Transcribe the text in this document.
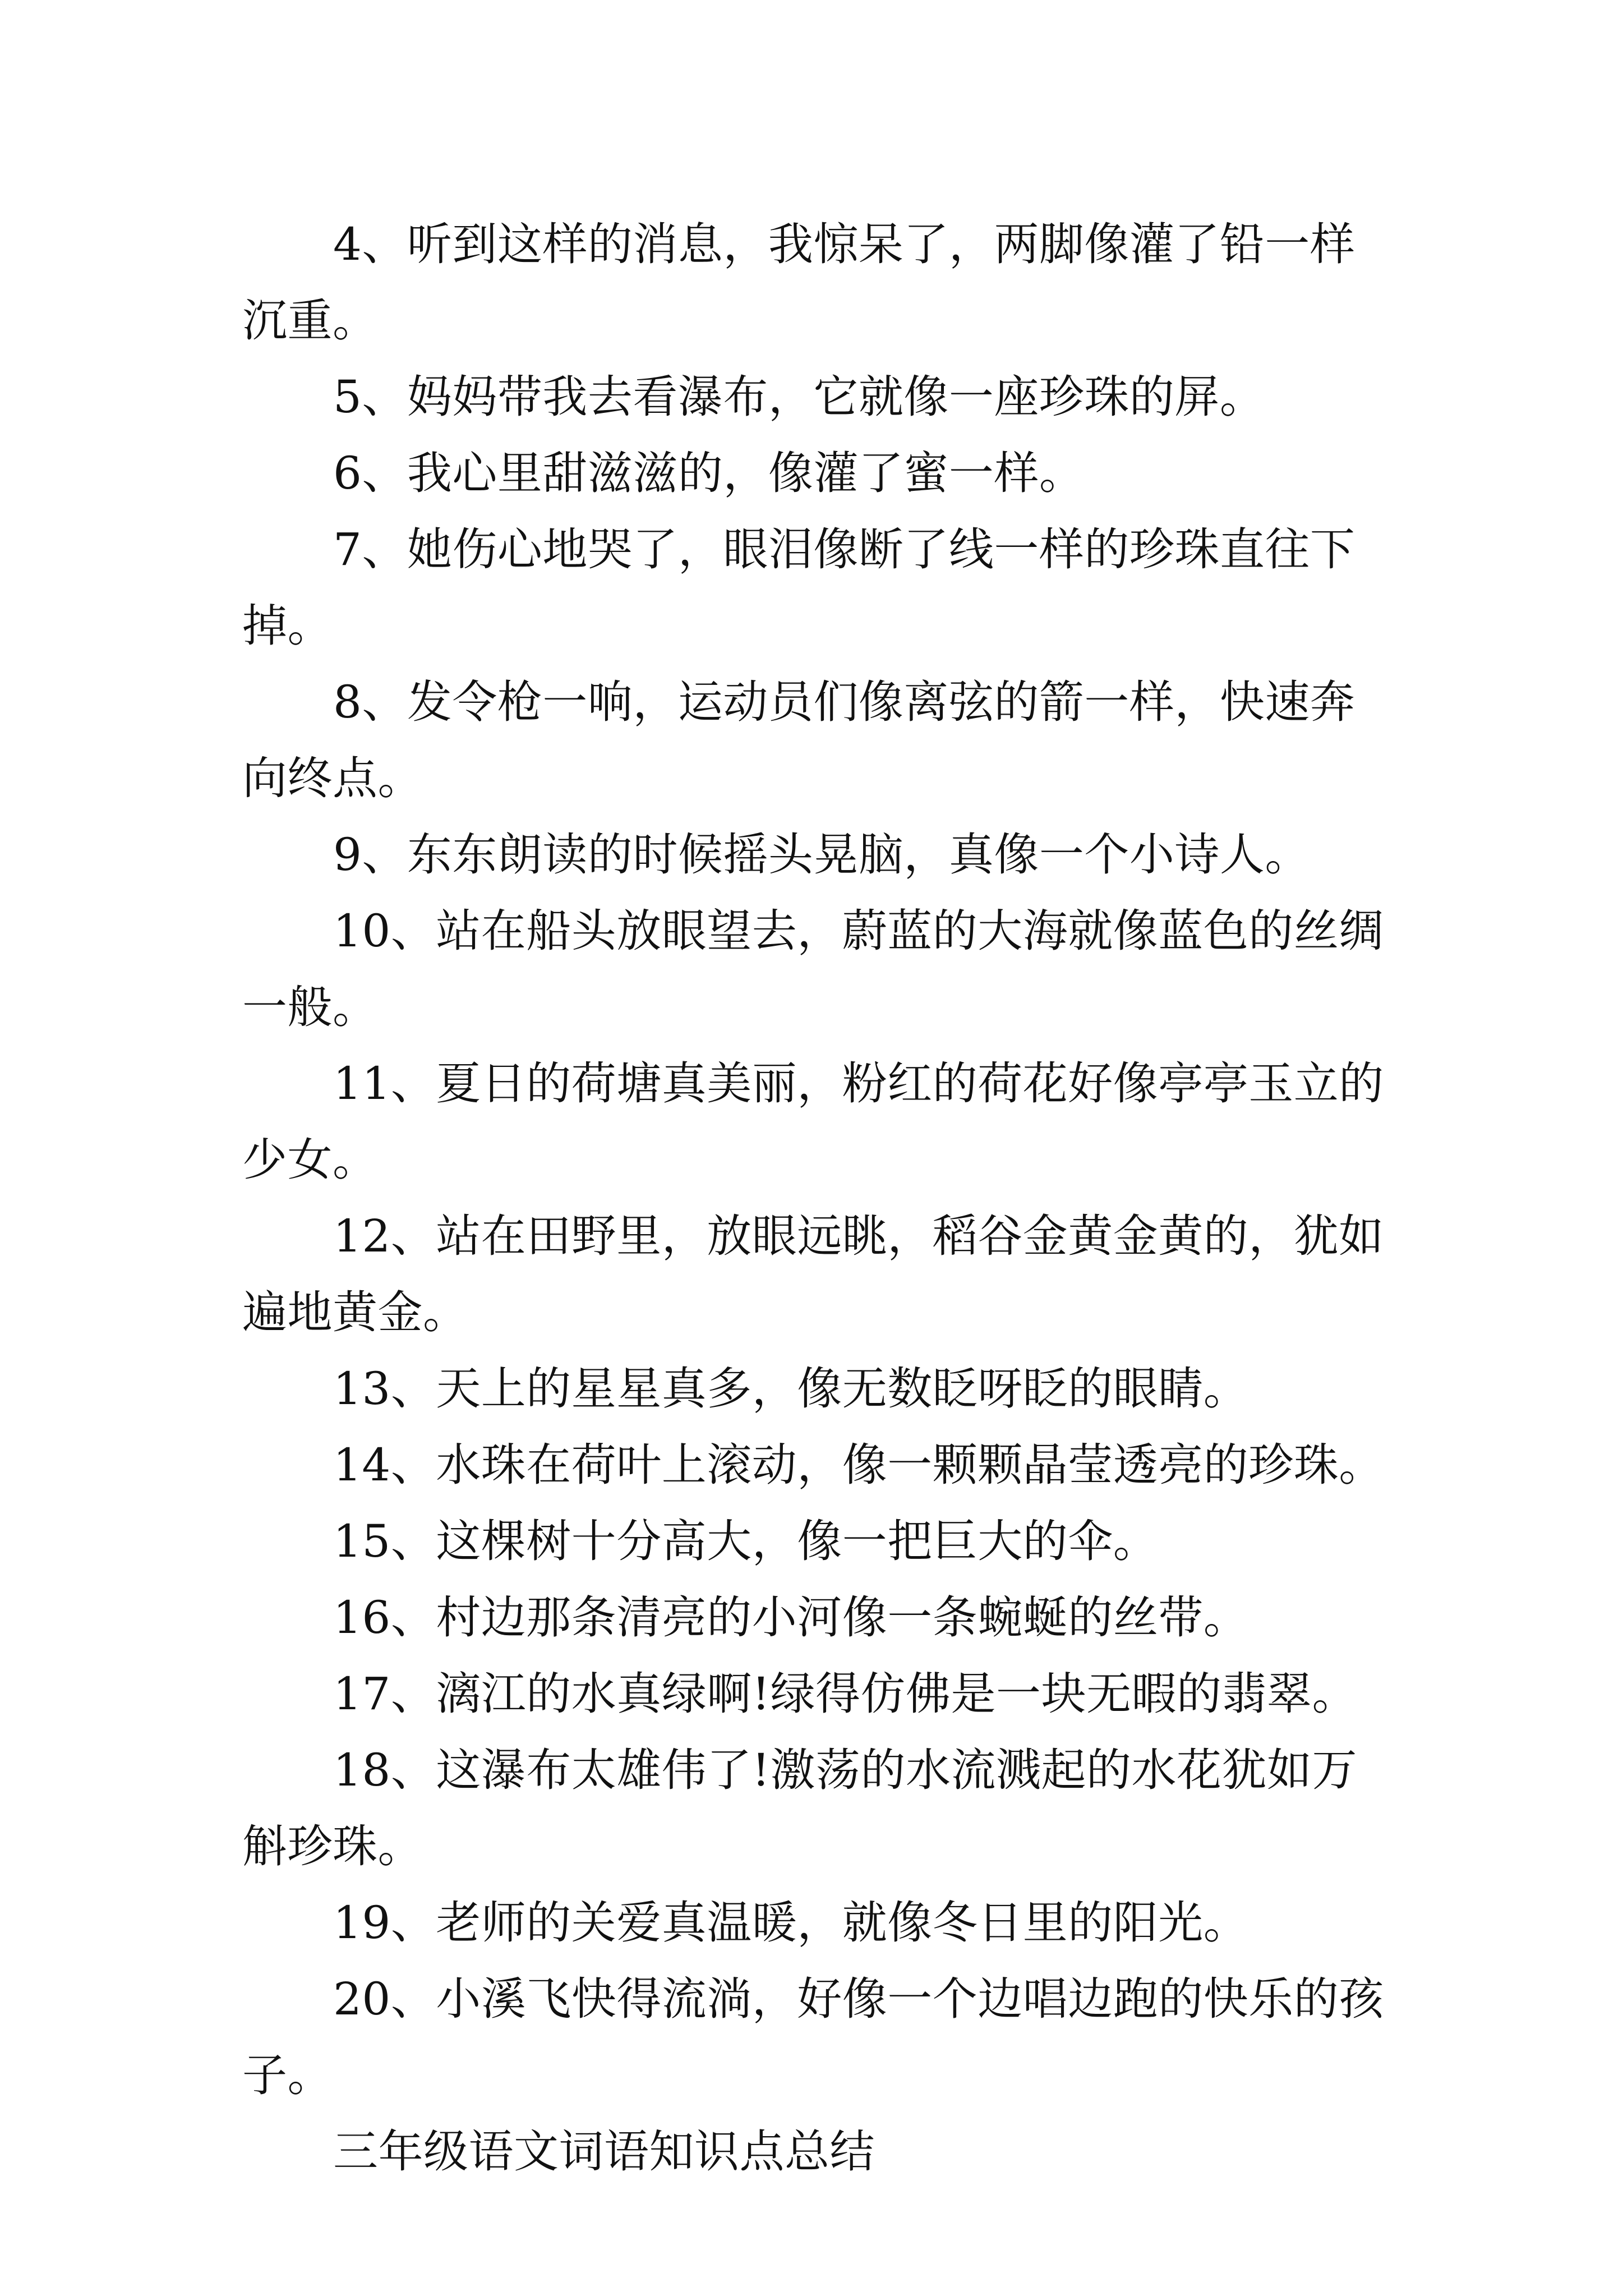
4、听到这样的消息，我惊呆了，两脚像灌了铅一样沉重。

5、妈妈带我去看瀑布，它就像一座珍珠的屏。

6、我心里甜滋滋的，像灌了蜜一样。

7、她伤心地哭了，眼泪像断了线一样的珍珠直往下掉。

8、发令枪一响，运动员们像离弦的箭一样，快速奔向终点。

9、东东朗读的时候摇头晃脑，真像一个小诗人。

10、站在船头放眼望去，蔚蓝的大海就像蓝色的丝绸一般。

11、夏日的荷塘真美丽，粉红的荷花好像亭亭玉立的少女。

12、站在田野里，放眼远眺，稻谷金黄金黄的，犹如遍地黄金。

13、天上的星星真多，像无数眨呀眨的眼睛。

14、水珠在荷叶上滚动，像一颗颗晶莹透亮的珍珠。

15、这棵树十分高大，像一把巨大的伞。

16、村边那条清亮的小河像一条蜿蜒的丝带。

17、漓江的水真绿啊!绿得仿佛是一块无暇的翡翠。

18、这瀑布太雄伟了!激荡的水流溅起的水花犹如万斛珍珠。

19、老师的关爱真温暖，就像冬日里的阳光。

20、小溪飞快得流淌，好像一个边唱边跑的快乐的孩子。

三年级语文词语知识点总结
